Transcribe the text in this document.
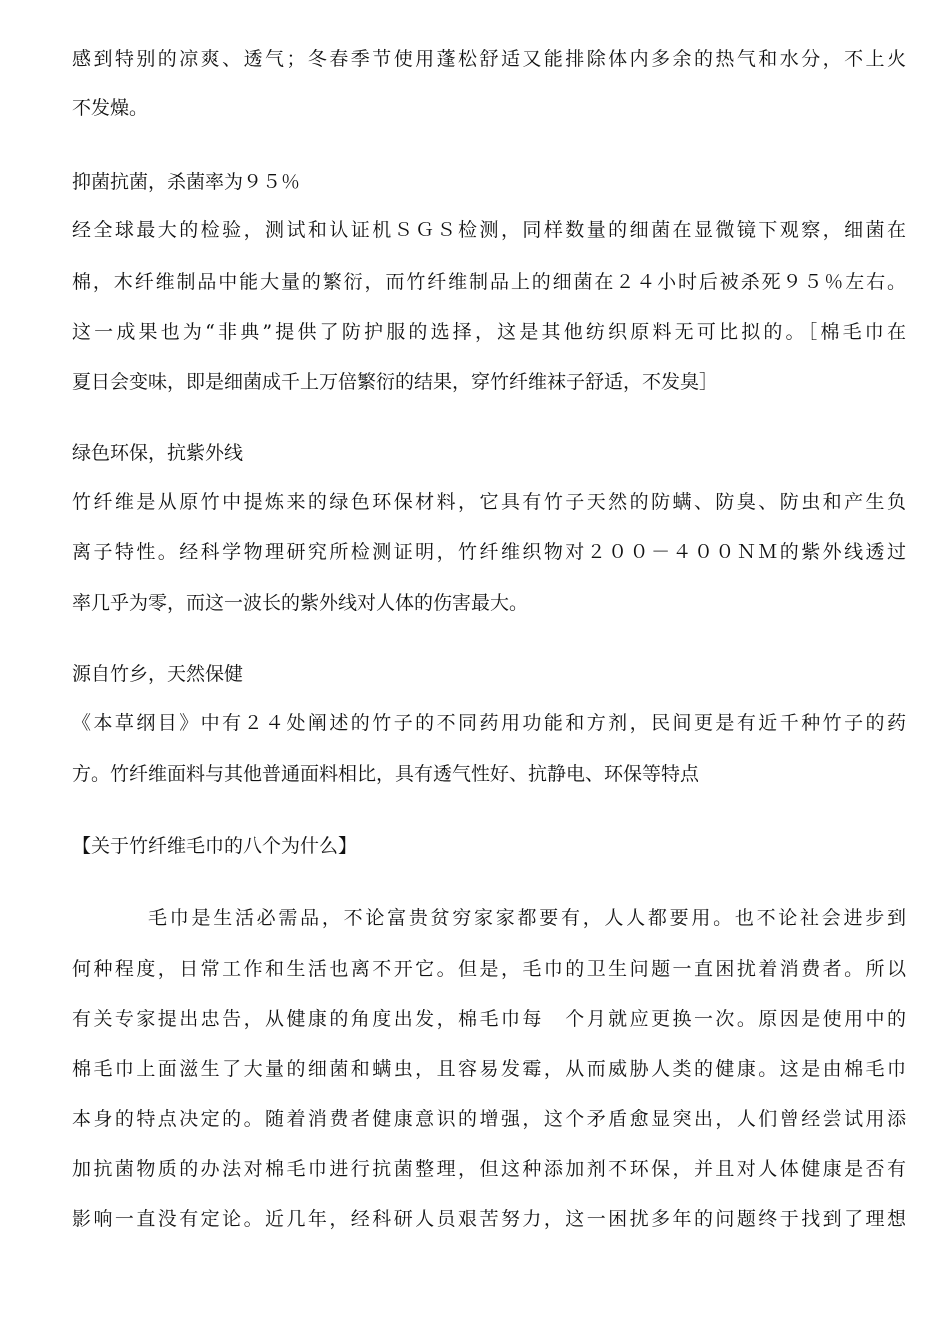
感到特别的凉爽、透气；冬春季节使用蓬松舒适又能排除体内多余的热气和水分，不上火
不发燥。
抑菌抗菌，杀菌率为９５％
经全球最大的检验，测试和认证机ＳＧＳ检测，同样数量的细菌在显微镜下观察，细菌在
棉，木纤维制品中能大量的繁衍，而竹纤维制品上的细菌在２４小时后被杀死９５％左右。
这一成果也为“非典”提供了防护服的选择，这是其他纺织原料无可比拟的。［棉毛巾在
夏日会变味，即是细菌成千上万倍繁衍的结果，穿竹纤维袜子舒适，不发臭］
绿色环保，抗紫外线
竹纤维是从原竹中提炼来的绿色环保材料，它具有竹子天然的防螨、防臭、防虫和产生负
离子特性。经科学物理研究所检测证明，竹纤维织物对２００－４００ＮＭ的紫外线透过
率几乎为零，而这一波长的紫外线对人体的伤害最大。
源自竹乡，天然保健
《本草纲目》中有２４处阐述的竹子的不同药用功能和方剂，民间更是有近千种竹子的药
方。竹纤维面料与其他普通面料相比，具有透气性好、抗静电、环保等特点
【关于竹纤维毛巾的八个为什么】
毛巾是生活必需品，不论富贵贫穷家家都要有，人人都要用。也不论社会进步到
何种程度，日常工作和生活也离不开它。但是，毛巾的卫生问题一直困扰着消费者。所以
有关专家提出忠告，从健康的角度出发，棉毛巾每　个月就应更换一次。原因是使用中的
棉毛巾上面滋生了大量的细菌和螨虫，且容易发霉，从而威胁人类的健康。这是由棉毛巾
本身的特点决定的。随着消费者健康意识的增强，这个矛盾愈显突出，人们曾经尝试用添
加抗菌物质的办法对棉毛巾进行抗菌整理，但这种添加剂不环保，并且对人体健康是否有
影响一直没有定论。近几年，经科研人员艰苦努力，这一困扰多年的问题终于找到了理想
